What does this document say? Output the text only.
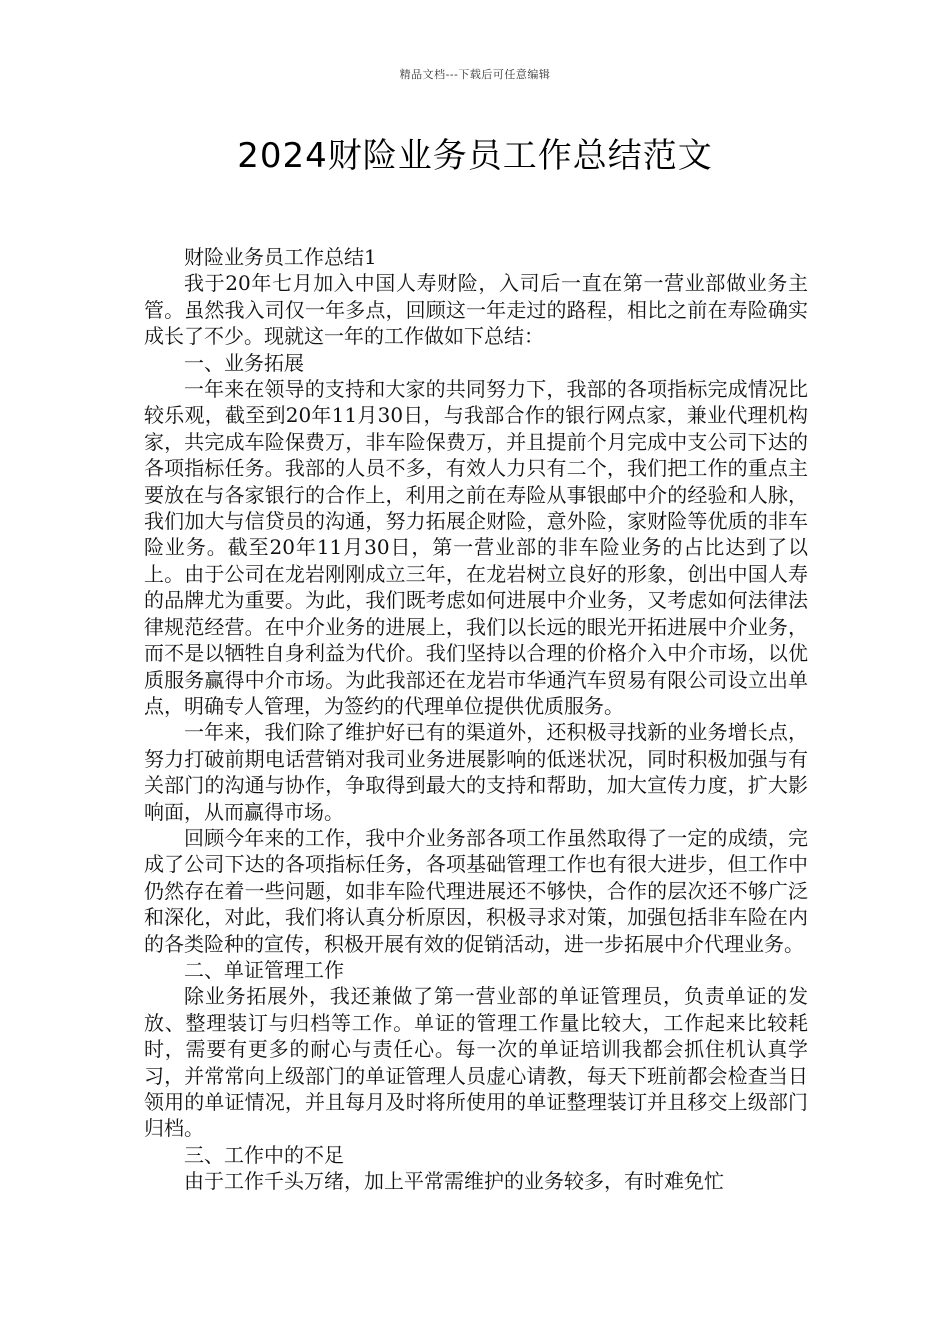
精品文档---下载后可任意编辑
2024财险业务员工作总结范文

财险业务员工作总结1

我于20年七月加入中国人寿财险，入司后一直在第一营业部做业务主管。虽然我入司仅一年多点，回顾这一年走过的路程，相比之前在寿险确实成长了不少。现就这一年的工作做如下总结：

一、业务拓展

一年来在领导的支持和大家的共同努力下，我部的各项指标完成情况比较乐观，截至到20年11月30日，与我部合作的银行网点家，兼业代理机构家，共完成车险保费万，非车险保费万，并且提前个月完成中支公司下达的各项指标任务。我部的人员不多，有效人力只有二个，我们把工作的重点主要放在与各家银行的合作上，利用之前在寿险从事银邮中介的经验和人脉，我们加大与信贷员的沟通，努力拓展企财险，意外险，家财险等优质的非车险业务。截至20年11月30日，第一营业部的非车险业务的占比达到了以上。由于公司在龙岩刚刚成立三年，在龙岩树立良好的形象，创出中国人寿的品牌尤为重要。为此，我们既考虑如何进展中介业务，又考虑如何法律法律规范经营。在中介业务的进展上，我们以长远的眼光开拓进展中介业务，而不是以牺牲自身利益为代价。我们坚持以合理的价格介入中介市场，以优质服务赢得中介市场。为此我部还在龙岩市华通汽车贸易有限公司设立出单点，明确专人管理，为签约的代理单位提供优质服务。

一年来，我们除了维护好已有的渠道外，还积极寻找新的业务增长点，努力打破前期电话营销对我司业务进展影响的低迷状况，同时积极加强与有关部门的沟通与协作，争取得到最大的支持和帮助，加大宣传力度，扩大影响面，从而赢得市场。

回顾今年来的工作，我中介业务部各项工作虽然取得了一定的成绩，完成了公司下达的各项指标任务，各项基础管理工作也有很大进步，但工作中仍然存在着一些问题，如非车险代理进展还不够快，合作的层次还不够广泛和深化，对此，我们将认真分析原因，积极寻求对策，加强包括非车险在内的各类险种的宣传，积极开展有效的促销活动，进一步拓展中介代理业务。

二、单证管理工作

除业务拓展外，我还兼做了第一营业部的单证管理员，负责单证的发放、整理装订与归档等工作。单证的管理工作量比较大，工作起来比较耗时，需要有更多的耐心与责任心。每一次的单证培训我都会抓住机认真学习，并常常向上级部门的单证管理人员虚心请教，每天下班前都会检查当日领用的单证情况，并且每月及时将所使用的单证整理装订并且移交上级部门归档。

三、工作中的不足

由于工作千头万绪，加上平常需维护的业务较多，有时难免忙
